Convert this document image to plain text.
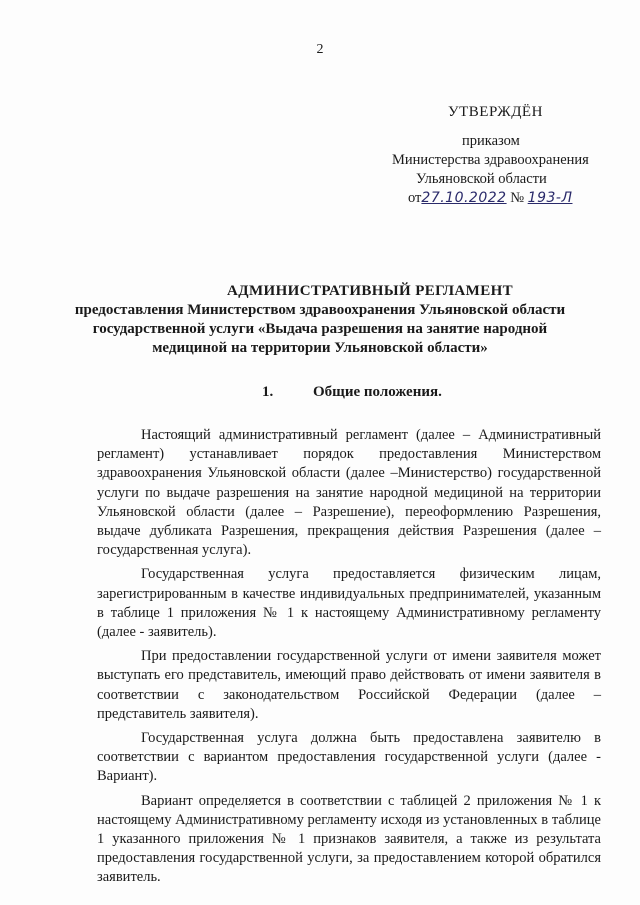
2
УТВЕРЖДЁН
приказом
Министерства здравоохранения
Ульяновской области
от27.10.2022 № 193-Л
АДМИНИСТРАТИВНЫЙ РЕГЛАМЕНТ
предоставления Министерством здравоохранения Ульяновской области государственной услуги «Выдача разрешения на занятие народной медициной на территории Ульяновской области»
1.	Общие положения.

Настоящий административный регламент (далее – Административный регламент) устанавливает порядок предоставления Министерством здравоохранения Ульяновской области (далее –Министерство) государственной услуги по выдаче разрешения на занятие народной медициной на территории Ульяновской области (далее – Разрешение), переоформлению Разрешения, выдаче дубликата Разрешения, прекращения действия Разрешения (далее – государственная услуга).

Государственная услуга предоставляется физическим лицам, зарегистрированным в качестве индивидуальных предпринимателей, указанным в таблице 1 приложения № 1 к настоящему Административному регламенту (далее - заявитель).

При предоставлении государственной услуги от имени заявителя может выступать его представитель, имеющий право действовать от имени заявителя в соответствии с законодательством Российской Федерации (далее – представитель заявителя).

Государственная услуга должна быть предоставлена заявителю в соответствии с вариантом предоставления государственной услуги (далее - Вариант).

Вариант определяется в соответствии с таблицей 2 приложения № 1 к настоящему Административному регламенту исходя из установленных в таблице 1 указанного приложения № 1 признаков заявителя, а также из результата предоставления государственной услуги, за предоставлением которой обратился заявитель.
